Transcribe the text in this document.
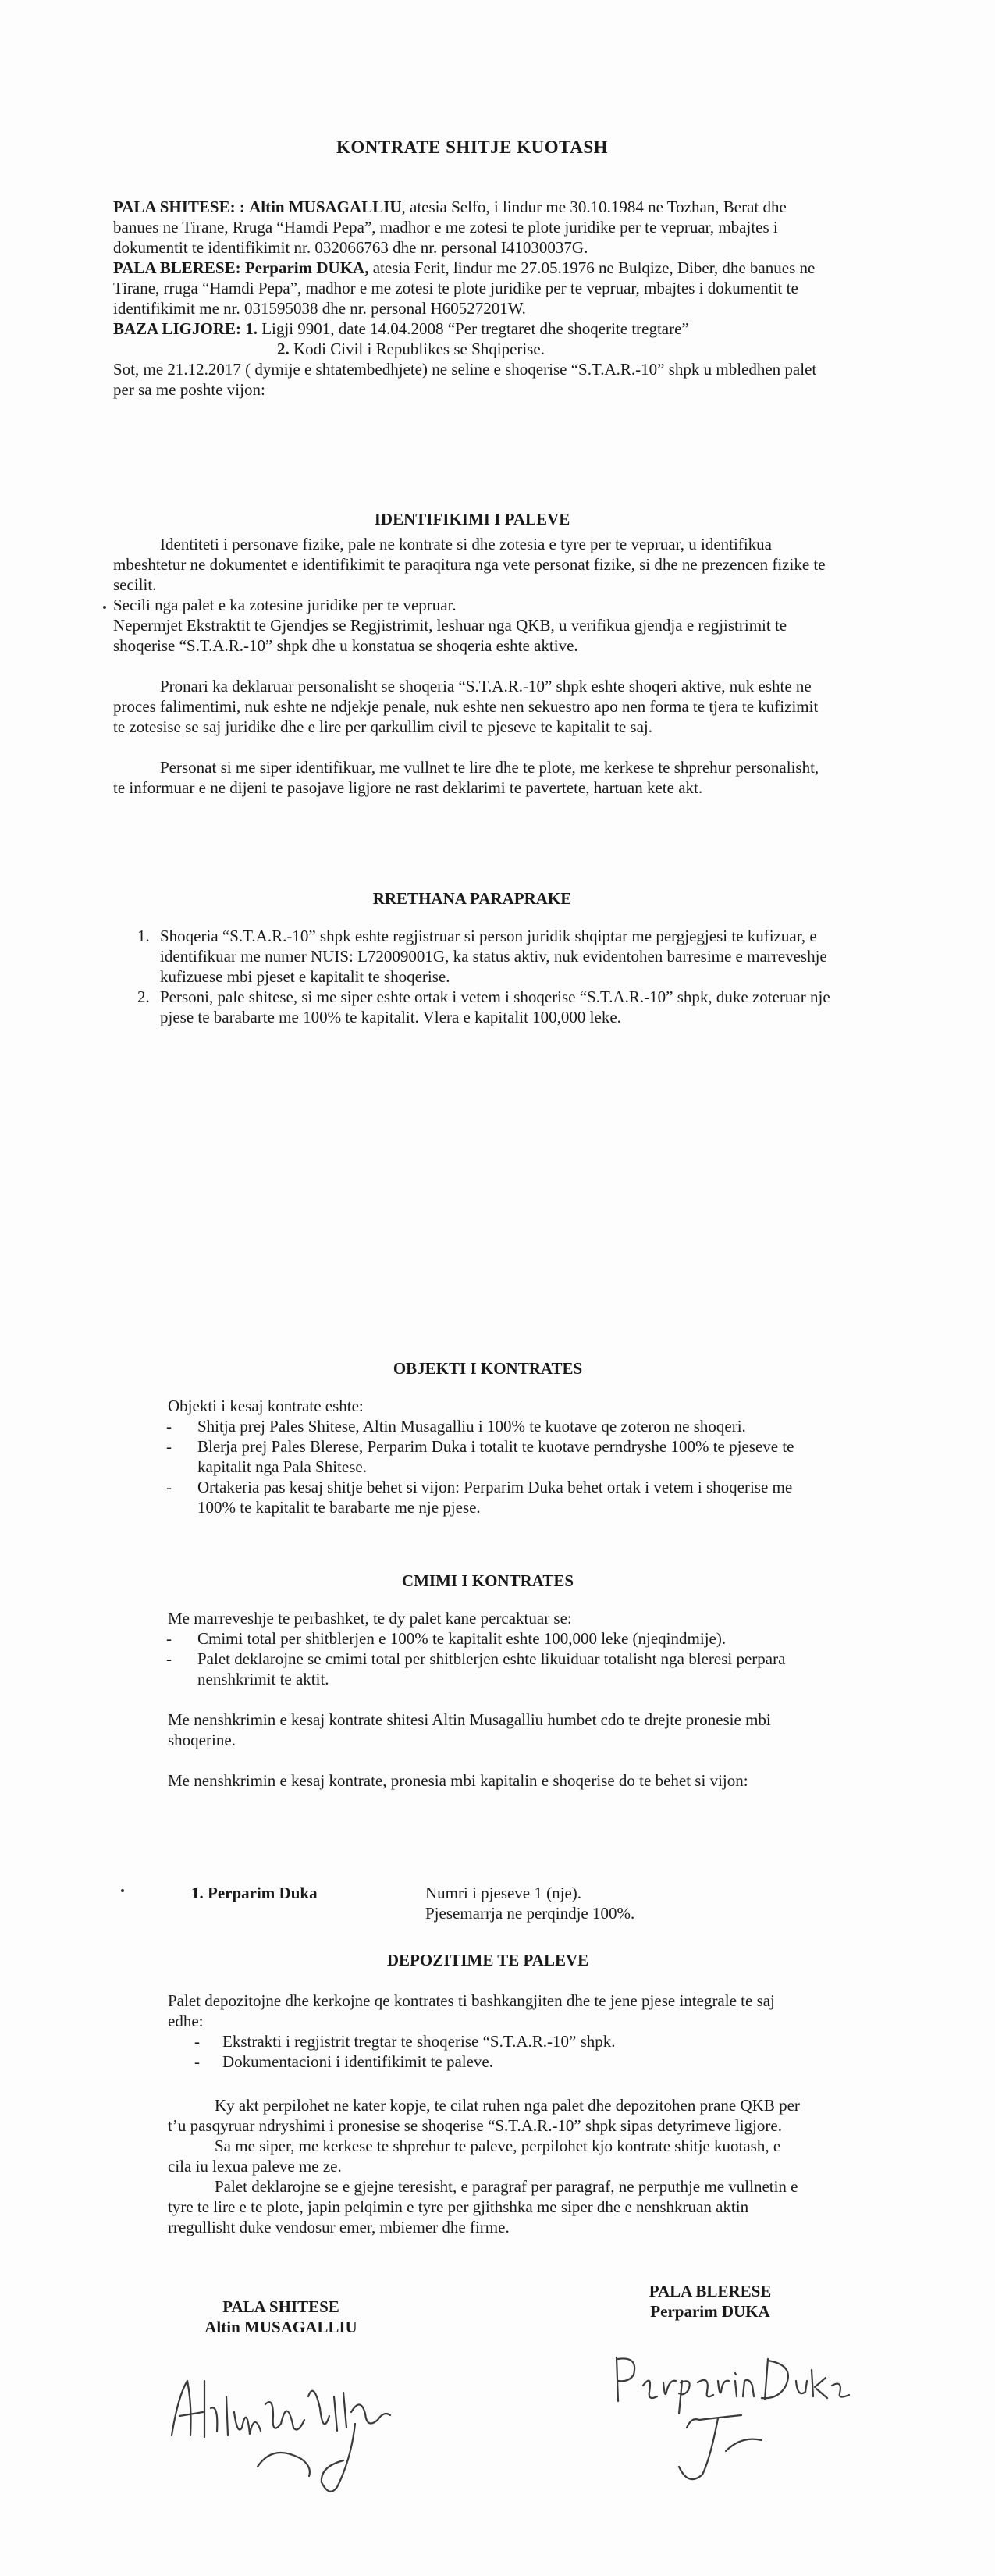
KONTRATE SHITJE KUOTASH

PALA SHITESE: : Altin MUSAGALLIU, atesia Selfo, i lindur me 30.10.1984 ne Tozhan, Berat dhe banues ne Tirane, Rruga “Hamdi Pepa”, madhor e me zotesi te plote juridike per te vepruar, mbajtes i dokumentit te identifikimit nr. 032066763 dhe nr. personal I41030037G.

PALA BLERESE: Perparim DUKA, atesia Ferit, lindur me 27.05.1976 ne Bulqize, Diber, dhe banues ne Tirane, rruga “Hamdi Pepa”, madhor e me zotesi te plote juridike per te vepruar, mbajtes i dokumentit te identifikimit me nr. 031595038 dhe nr. personal H60527201W.

BAZA LIGJORE: 1. Ligji 9901, date 14.04.2008 “Per tregtaret dhe shoqerite tregtare”

2. Kodi Civil i Republikes se Shqiperise.

Sot, me 21.12.2017 ( dymije e shtatembedhjete) ne seline e shoqerise “S.T.A.R.-10” shpk u mbledhen palet per sa me poshte vijon:

IDENTIFIKIMI I PALEVE

Identiteti i personave fizike, pale ne kontrate si dhe zotesia e tyre per te vepruar, u identifikua mbeshtetur ne dokumentet e identifikimit te paraqitura nga vete personat fizike, si dhe ne prezencen fizike te secilit.

Secili nga palet e ka zotesine juridike per te vepruar.

Nepermjet Ekstraktit te Gjendjes se Regjistrimit, leshuar nga QKB, u verifikua gjendja e regjistrimit te shoqerise “S.T.A.R.-10” shpk dhe u konstatua se shoqeria eshte aktive.

Pronari ka deklaruar personalisht se shoqeria “S.T.A.R.-10” shpk eshte shoqeri aktive, nuk eshte ne proces falimentimi, nuk eshte ne ndjekje penale, nuk eshte nen sekuestro apo nen forma te tjera te kufizimit te zotesise se saj juridike dhe e lire per qarkullim civil te pjeseve te kapitalit te saj.

Personat si me siper identifikuar, me vullnet te lire dhe te plote, me kerkese te shprehur personalisht, te informuar e ne dijeni te pasojave ligjore ne rast deklarimi te pavertete, hartuan kete akt.

RRETHANA PARAPRAKE

1. Shoqeria “S.T.A.R.-10” shpk eshte regjistruar si person juridik shqiptar me pergjegjesi te kufizuar, e identifikuar me numer NUIS: L72009001G, ka status aktiv, nuk evidentohen barresime e marreveshje kufizuese mbi pjeset e kapitalit te shoqerise.
2. Personi, pale shitese, si me siper eshte ortak i vetem i shoqerise “S.T.A.R.-10” shpk, duke zoteruar nje pjese te barabarte me 100% te kapitalit. Vlera e kapitalit 100,000 leke.

OBJEKTI I KONTRATES

Objekti i kesaj kontrate eshte:

- Shitja prej Pales Shitese, Altin Musagalliu i 100% te kuotave qe zoteron ne shoqeri.
- Blerja prej Pales Blerese, Perparim Duka i totalit te kuotave perndryshe 100% te pjeseve te kapitalit nga Pala Shitese.
- Ortakeria pas kesaj shitje behet si vijon: Perparim Duka behet ortak i vetem i shoqerise me 100% te kapitalit te barabarte me nje pjese.

CMIMI I KONTRATES

Me marreveshje te perbashket, te dy palet kane percaktuar se:

- Cmimi total per shitblerjen e 100% te kapitalit eshte 100,000 leke (njeqindmije).
- Palet deklarojne se cmimi total per shitblerjen eshte likuiduar totalisht nga bleresi perpara nenshkrimit te aktit.

Me nenshkrimin e kesaj kontrate shitesi Altin Musagalliu humbet cdo te drejte pronesie mbi shoqerine.

Me nenshkrimin e kesaj kontrate, pronesia mbi kapitalin e shoqerise do te behet si vijon:

1. Perparim Duka	Numri i pjeseve 1 (nje).
Pjesemarrja ne perqindje 100%.

DEPOZITIME TE PALEVE

Palet depozitojne dhe kerkojne qe kontrates ti bashkangjiten dhe te jene pjese integrale te saj edhe:

- Ekstrakti i regjistrit tregtar te shoqerise “S.T.A.R.-10” shpk.
- Dokumentacioni i identifikimit te paleve.

Ky akt perpilohet ne kater kopje, te cilat ruhen nga palet dhe depozitohen prane QKB per t’u pasqyruar ndryshimi i pronesise se shoqerise “S.T.A.R.-10” shpk sipas detyrimeve ligjore.

Sa me siper, me kerkese te shprehur te paleve, perpilohet kjo kontrate shitje kuotash, e cila iu lexua paleve me ze.

Palet deklarojne se e gjejne teresisht, e paragraf per paragraf, ne perputhje me vullnetin e tyre te lire e te plote, japin pelqimin e tyre per gjithshka me siper dhe e nenshkruan aktin rregullisht duke vendosur emer, mbiemer dhe firme.

PALA SHITESE
Altin MUSAGALLIU
PALA BLERESE
Perparim DUKA
